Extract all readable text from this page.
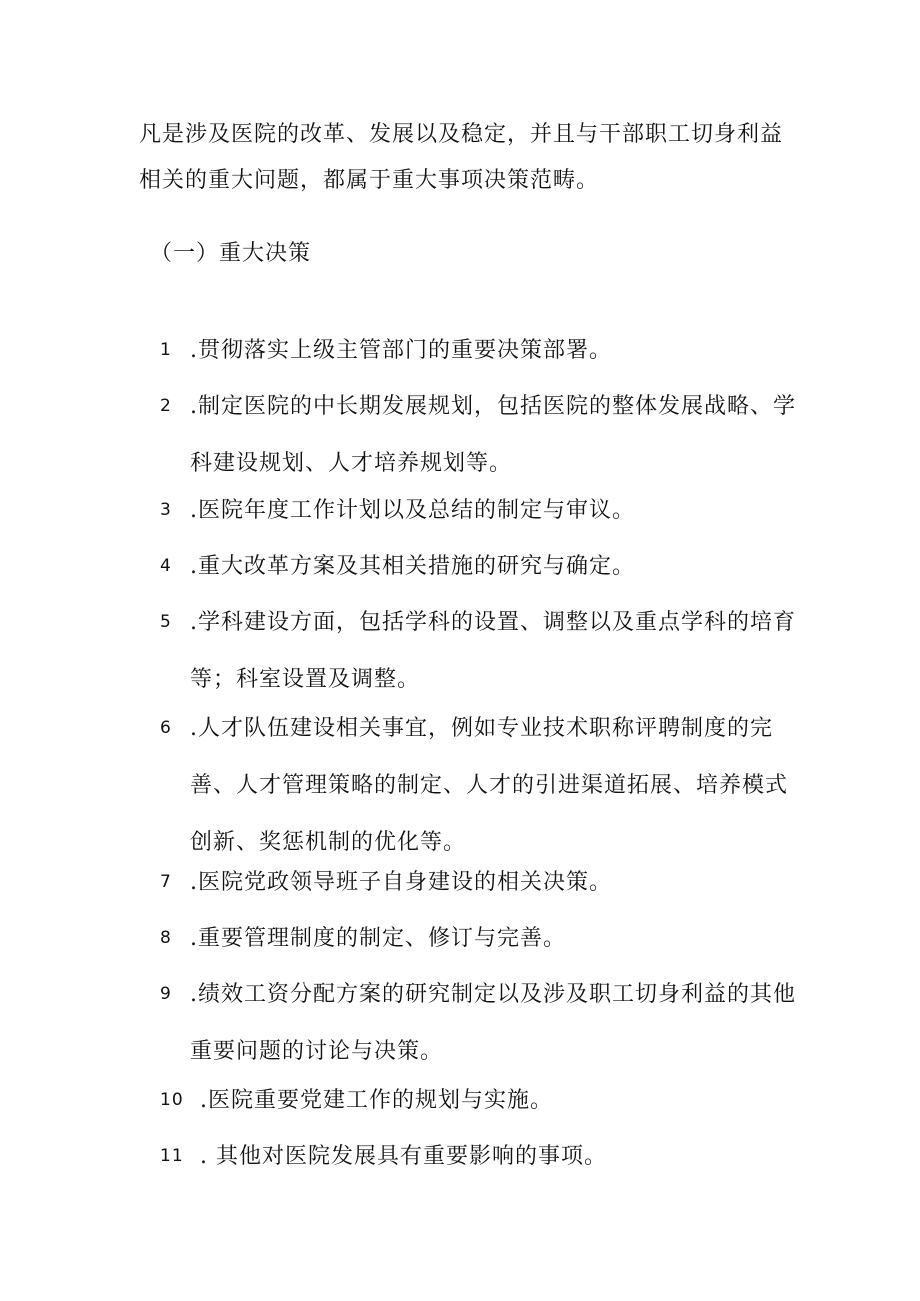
凡是涉及医院的改革、发展以及稳定，并且与干部职工切身利益相关的重大问题，都属于重大事项决策范畴。

（一）重大决策
1 .贯彻落实上级主管部门的重要决策部署。
2 .制定医院的中长期发展规划，包括医院的整体发展战略、学科建设规划、人才培养规划等。
3 .医院年度工作计划以及总结的制定与审议。
4 .重大改革方案及其相关措施的研究与确定。
5 .学科建设方面，包括学科的设置、调整以及重点学科的培育等；科室设置及调整。
6 .人才队伍建设相关事宜，例如专业技术职称评聘制度的完善、人才管理策略的制定、人才的引进渠道拓展、培养模式创新、奖惩机制的优化等。
7 .医院党政领导班子自身建设的相关决策。
8 .重要管理制度的制定、修订与完善。
9 .绩效工资分配方案的研究制定以及涉及职工切身利益的其他重要问题的讨论与决策。
10 .医院重要党建工作的规划与实施。
11 . 其他对医院发展具有重要影响的事项。
